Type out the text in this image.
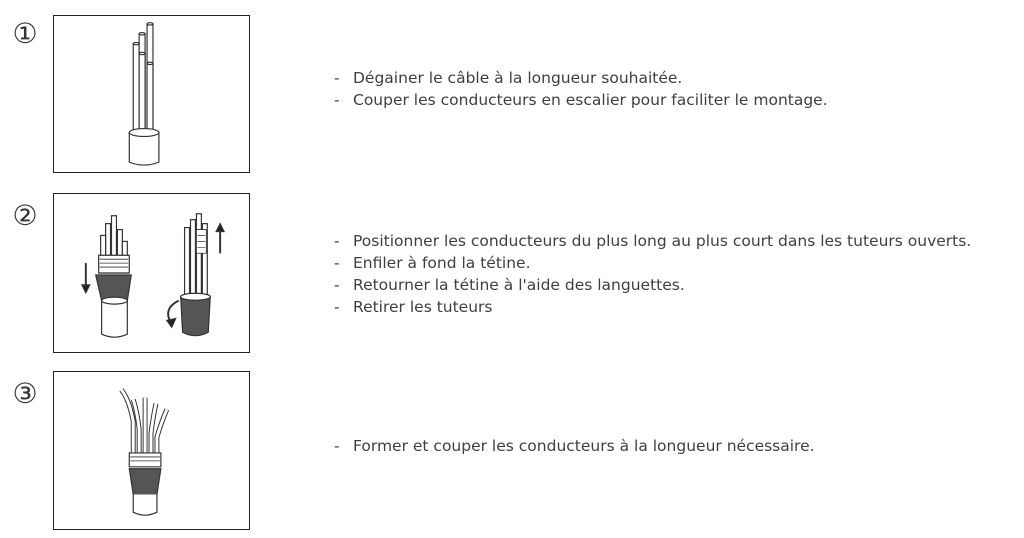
①
- Dégainer le câble à la longueur souhaitée.
- Couper les conducteurs en escalier pour faciliter le montage.
②
- Positionner les conducteurs du plus long au plus court dans les tuteurs ouverts.
- Enfiler à fond la tétine.
- Retourner la tétine à l'aide des languettes.
- Retirer les tuteurs
③
- Former et couper les conducteurs à la longueur nécessaire.
